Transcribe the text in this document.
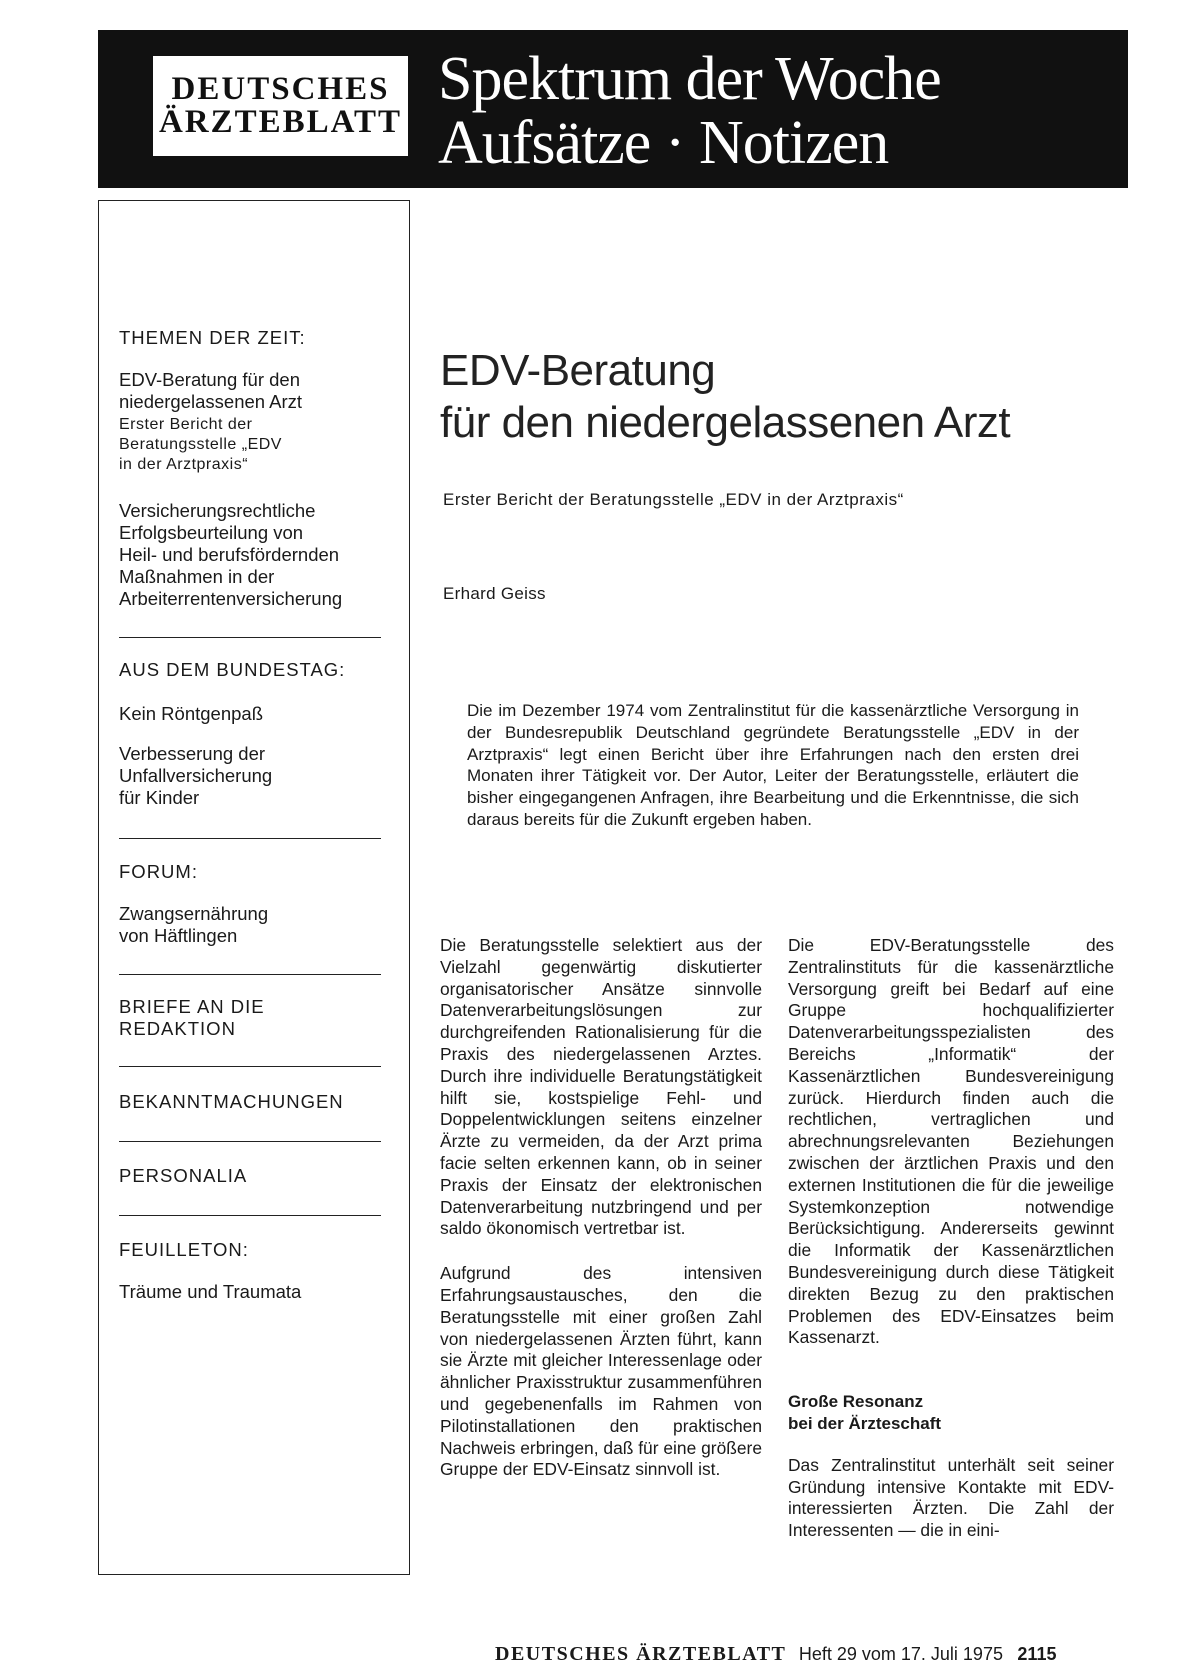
DEUTSCHES
ÄRZTEBLATT
Spektrum der Woche
Aufsätze · Notizen
THEMEN DER ZEIT:
EDV-Beratung für den
niedergelassenen Arzt
Erster Bericht der
Beratungsstelle „EDV
in der Arztpraxis“
Versicherungsrechtliche
Erfolgsbeurteilung von
Heil- und berufsfördernden
Maßnahmen in der
Arbeiterrentenversicherung
AUS DEM BUNDESTAG:
Kein Röntgenpaß
Verbesserung der
Unfallversicherung
für Kinder
FORUM:
Zwangsernährung
von Häftlingen
BRIEFE AN DIE
REDAKTION
BEKANNTMACHUNGEN
PERSONALIA
FEUILLETON:
Träume und Traumata
EDV-Beratung
für den niedergelassenen Arzt
Erster Bericht der Beratungsstelle „EDV in der Arztpraxis“
Erhard Geiss

Die im Dezember 1974 vom Zentralinstitut für die kassenärztliche Versorgung in der Bundesrepublik Deutschland gegründete Beratungsstelle „EDV in der Arztpraxis“ legt einen Bericht über ihre Erfahrungen nach den ersten drei Monaten ihrer Tätigkeit vor. Der Autor, Leiter der Beratungsstelle, erläutert die bisher eingegangenen Anfragen, ihre Bearbeitung und die Erkenntnisse, die sich daraus bereits für die Zukunft ergeben haben.

Die Beratungsstelle selektiert aus der Vielzahl gegenwärtig diskutierter organisatorischer Ansätze sinnvolle Datenverarbeitungslösungen zur durchgreifenden Rationalisierung für die Praxis des niedergelassenen Arztes. Durch ihre individuelle Beratungstätigkeit hilft sie, kostspielige Fehl- und Doppelentwicklungen seitens einzelner Ärzte zu vermeiden, da der Arzt prima facie selten erkennen kann, ob in seiner Praxis der Einsatz der elektronischen Datenverarbeitung nutzbringend und per saldo ökonomisch vertretbar ist.

Aufgrund des intensiven Erfahrungsaustausches, den die Beratungsstelle mit einer großen Zahl von niedergelassenen Ärzten führt, kann sie Ärzte mit gleicher Interessenlage oder ähnlicher Praxisstruktur zusammenführen und gegebenenfalls im Rahmen von Pilotinstallationen den praktischen Nachweis erbringen, daß für eine größere Gruppe der EDV-Einsatz sinnvoll ist.

Die EDV-Beratungsstelle des Zentralinstituts für die kassenärztliche Versorgung greift bei Bedarf auf eine Gruppe hochqualifizierter Datenverarbeitungsspezialisten des Bereichs „Informatik“ der Kassenärztlichen Bundesvereinigung zurück. Hierdurch finden auch die rechtlichen, vertraglichen und abrechnungsrelevanten Beziehungen zwischen der ärztlichen Praxis und den externen Institutionen die für die jeweilige Systemkonzeption notwendige Berücksichtigung. Andererseits gewinnt die Informatik der Kassenärztlichen Bundesvereinigung durch diese Tätigkeit direkten Bezug zu den praktischen Problemen des EDV-Einsatzes beim Kassenarzt.

Große Resonanz
bei der Ärzteschaft

Das Zentralinstitut unterhält seit seiner Gründung intensive Kontakte mit EDV-interessierten Ärzten. Die Zahl der Interessenten — die in eini-

DEUTSCHES ÄRZTEBLATT Heft 29 vom 17. Juli 1975 2115
